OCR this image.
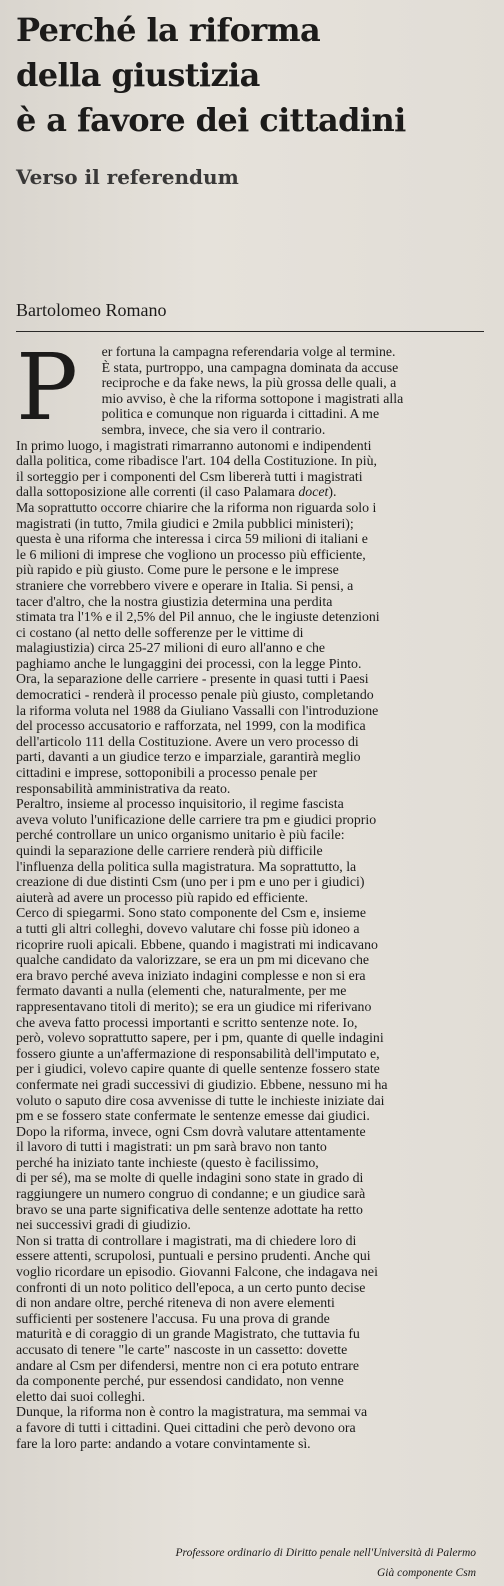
Perché la riforma
della giustizia
è a favore dei cittadini
Verso il referendum
Bartolomeo Romano
P	er fortuna la campagna referendaria volge al termine.
È stata, purtroppo, una campagna dominata da accuse
reciproche e da fake news, la più grossa delle quali, a
mio avviso, è che la riforma sottopone i magistrati alla
politica e comunque non riguarda i cittadini. A me
sembra, invece, che sia vero il contrario.
In primo luogo, i magistrati rimarranno autonomi e indipendenti
dalla politica, come ribadisce l'art. 104 della Costituzione. In più,
il sorteggio per i componenti del Csm libererà tutti i magistrati
dalla sottoposizione alle correnti (il caso Palamara docet).
Ma soprattutto occorre chiarire che la riforma non riguarda solo i
magistrati (in tutto, 7mila giudici e 2mila pubblici ministeri);
questa è una riforma che interessa i circa 59 milioni di italiani e
le 6 milioni di imprese che vogliono un processo più efficiente,
più rapido e più giusto. Come pure le persone e le imprese
straniere che vorrebbero vivere e operare in Italia. Si pensi, a
tacer d'altro, che la nostra giustizia determina una perdita
stimata tra l'1% e il 2,5% del Pil annuo, che le ingiuste detenzioni
ci costano (al netto delle sofferenze per le vittime di
malagiustizia) circa 25-27 milioni di euro all'anno e che
paghiamo anche le lungaggini dei processi, con la legge Pinto.
Ora, la separazione delle carriere - presente in quasi tutti i Paesi
democratici - renderà il processo penale più giusto, completando
la riforma voluta nel 1988 da Giuliano Vassalli con l'introduzione
del processo accusatorio e rafforzata, nel 1999, con la modifica
dell'articolo 111 della Costituzione. Avere un vero processo di
parti, davanti a un giudice terzo e imparziale, garantirà meglio
cittadini e imprese, sottoponibili a processo penale per
responsabilità amministrativa da reato.
Peraltro, insieme al processo inquisitorio, il regime fascista
aveva voluto l'unificazione delle carriere tra pm e giudici proprio
perché controllare un unico organismo unitario è più facile:
quindi la separazione delle carriere renderà più difficile
l'influenza della politica sulla magistratura. Ma soprattutto, la
creazione di due distinti Csm (uno per i pm e uno per i giudici)
aiuterà ad avere un processo più rapido ed efficiente.
Cerco di spiegarmi. Sono stato componente del Csm e, insieme
a tutti gli altri colleghi, dovevo valutare chi fosse più idoneo a
ricoprire ruoli apicali. Ebbene, quando i magistrati mi indicavano
qualche candidato da valorizzare, se era un pm mi dicevano che
era bravo perché aveva iniziato indagini complesse e non si era
fermato davanti a nulla (elementi che, naturalmente, per me
rappresentavano titoli di merito); se era un giudice mi riferivano
che aveva fatto processi importanti e scritto sentenze note. Io,
però, volevo soprattutto sapere, per i pm, quante di quelle indagini
fossero giunte a un'affermazione di responsabilità dell'imputato e,
per i giudici, volevo capire quante di quelle sentenze fossero state
confermate nei gradi successivi di giudizio. Ebbene, nessuno mi ha
voluto o saputo dire cosa avvenisse di tutte le inchieste iniziate dai
pm e se fossero state confermate le sentenze emesse dai giudici.
Dopo la riforma, invece, ogni Csm dovrà valutare attentamente
il lavoro di tutti i magistrati: un pm sarà bravo non tanto
perché ha iniziato tante inchieste (questo è facilissimo,
di per sé), ma se molte di quelle indagini sono state in grado di
raggiungere un numero congruo di condanne; e un giudice sarà
bravo se una parte significativa delle sentenze adottate ha retto
nei successivi gradi di giudizio.
Non si tratta di controllare i magistrati, ma di chiedere loro di
essere attenti, scrupolosi, puntuali e persino prudenti. Anche qui
voglio ricordare un episodio. Giovanni Falcone, che indagava nei
confronti di un noto politico dell'epoca, a un certo punto decise
di non andare oltre, perché riteneva di non avere elementi
sufficienti per sostenere l'accusa. Fu una prova di grande
maturità e di coraggio di un grande Magistrato, che tuttavia fu
accusato di tenere "le carte" nascoste in un cassetto: dovette
andare al Csm per difendersi, mentre non ci era potuto entrare
da componente perché, pur essendosi candidato, non venne
eletto dai suoi colleghi.
Dunque, la riforma non è contro la magistratura, ma semmai va
a favore di tutti i cittadini. Quei cittadini che però devono ora
fare la loro parte: andando a votare convintamente sì.
Professore ordinario di Diritto penale nell'Università di Palermo
Già componente Csm
